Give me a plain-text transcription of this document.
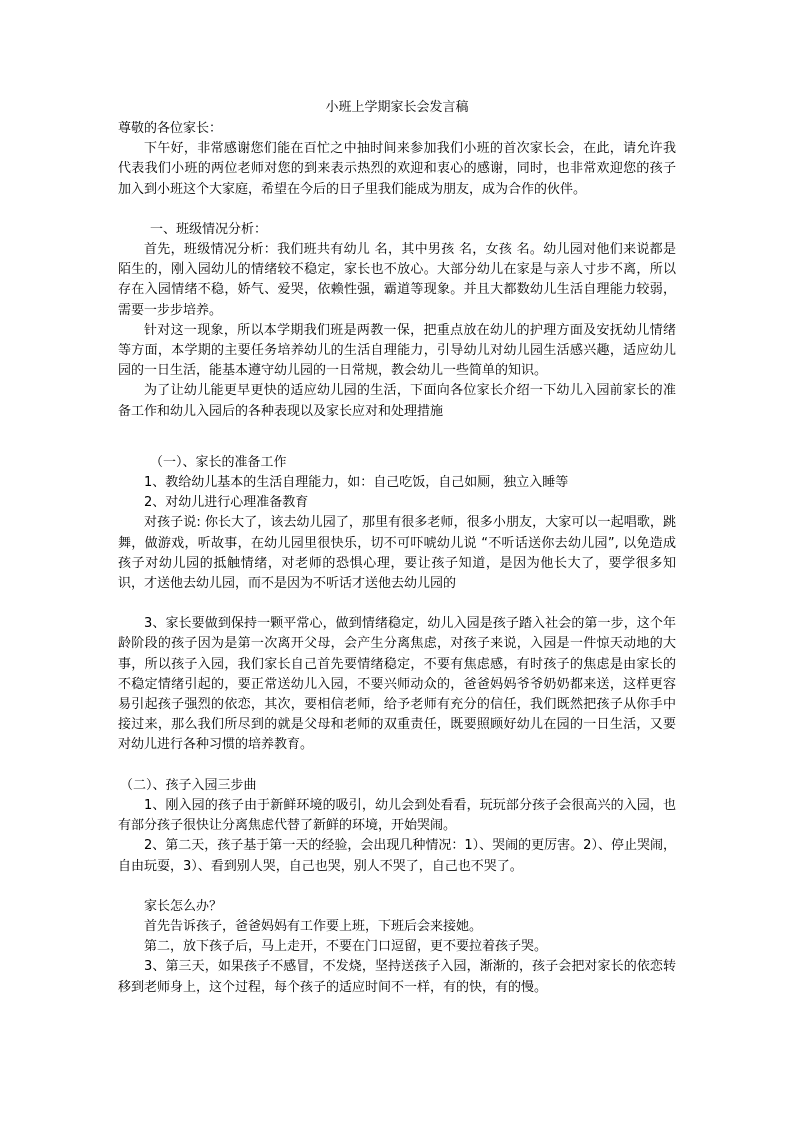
小班上学期家长会发言稿

尊敬的各位家长：

下午好，非常感谢您们能在百忙之中抽时间来参加我们小班的首次家长会，在此，请允许我代表我们小班的两位老师对您的到来表示热烈的欢迎和衷心的感谢，同时，也非常欢迎您的孩子加入到小班这个大家庭，希望在今后的日子里我们能成为朋友，成为合作的伙伴。

一、班级情况分析：

首先，班级情况分析：我们班共有幼儿 名，其中男孩 名，女孩 名。幼儿园对他们来说都是陌生的，刚入园幼儿的情绪较不稳定，家长也不放心。大部分幼儿在家是与亲人寸步不离，所以存在入园情绪不稳，娇气、爱哭，依赖性强，霸道等现象。并且大都数幼儿生活自理能力较弱，需要一步步培养。

针对这一现象，所以本学期我们班是两教一保，把重点放在幼儿的护理方面及安抚幼儿情绪等方面，本学期的主要任务培养幼儿的生活自理能力，引导幼儿对幼儿园生活感兴趣，适应幼儿园的一日生活，能基本遵守幼儿园的一日常规，教会幼儿一些简单的知识。

为了让幼儿能更早更快的适应幼儿园的生活，下面向各位家长介绍一下幼儿入园前家长的准备工作和幼儿入园后的各种表现以及家长应对和处理措施

（一）、家长的准备工作

1、教给幼儿基本的生活自理能力，如：自己吃饭，自己如厕，独立入睡等

2、对幼儿进行心理准备教育

对孩子说: 你长大了，该去幼儿园了，那里有很多老师，很多小朋友，大家可以一起唱歌，跳舞，做游戏，听故事，在幼儿园里很快乐，切不可吓唬幼儿说 “不听话送你去幼儿园”, 以免造成孩子对幼儿园的抵触情绪，对老师的恐惧心理，要让孩子知道，是因为他长大了，要学很多知识，才送他去幼儿园，而不是因为不听话才送他去幼儿园的

3、家长要做到保持一颗平常心，做到情绪稳定，幼儿入园是孩子踏入社会的第一步，这个年龄阶段的孩子因为是第一次离开父母，会产生分离焦虑，对孩子来说，入园是一件惊天动地的大事，所以孩子入园，我们家长自己首先要情绪稳定，不要有焦虑感，有时孩子的焦虑是由家长的不稳定情绪引起的，要正常送幼儿入园，不要兴师动众的，爸爸妈妈爷爷奶奶都来送，这样更容易引起孩子强烈的依恋，其次，要相信老师，给予老师有充分的信任，我们既然把孩子从你手中接过来，那么我们所尽到的就是父母和老师的双重责任，既要照顾好幼儿在园的一日生活，又要对幼儿进行各种习惯的培养教育。

（二）、孩子入园三步曲

1、刚入园的孩子由于新鲜环境的吸引，幼儿会到处看看，玩玩部分孩子会很高兴的入园，也有部分孩子很快让分离焦虑代替了新鲜的环境，开始哭闹。

2、第二天，孩子基于第一天的经验，会出现几种情况：1）、哭闹的更厉害。2）、停止哭闹，自由玩耍，3）、看到别人哭，自己也哭，别人不哭了，自己也不哭了。

家长怎么办？

首先告诉孩子，爸爸妈妈有工作要上班，下班后会来接她。

第二，放下孩子后，马上走开，不要在门口逗留，更不要拉着孩子哭。

3、第三天，如果孩子不感冒，不发烧，坚持送孩子入园，渐渐的，孩子会把对家长的依恋转移到老师身上，这个过程，每个孩子的适应时间不一样，有的快，有的慢。
